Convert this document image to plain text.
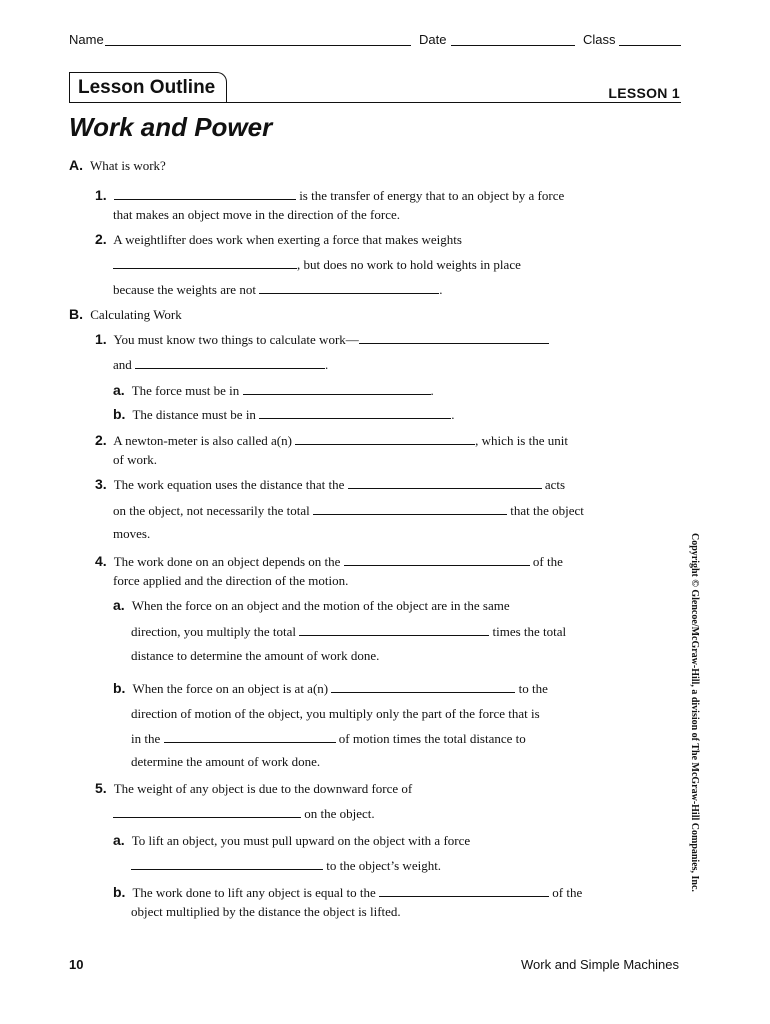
Name	Date	Class
Lesson Outline	LESSON 1
Work and Power
A. What is work?
1.	is the transfer of energy that to an object by a force
that makes an object move in the direction of the force.
2. A weightlifter does work when exerting a force that makes weights
, but does no work to hold weights in place
because the weights are not	.
B. Calculating Work
1. You must know two things to calculate work—
and	.
a. The force must be in	.
b. The distance must be in	.
2. A newton-meter is also called a(n)	, which is the unit
of work.
3. The work equation uses the distance that the	acts
on the object, not necessarily the total	that the object
moves.
4. The work done on an object depends on the	of the
force applied and the direction of the motion.
a. When the force on an object and the motion of the object are in the same
direction, you multiply the total	times the total
distance to determine the amount of work done.
b. When the force on an object is at a(n)	to the
direction of motion of the object, you multiply only the part of the force that is
in the	of motion times the total distance to
determine the amount of work done.
5. The weight of any object is due to the downward force of
on the object.
a. To lift an object, you must pull upward on the object with a force
to the object’s weight.
b. The work done to lift any object is equal to the	of the
object multiplied by the distance the object is lifted.
Copyright © Glencoe/McGraw-Hill, a division of The McGraw-Hill Companies, Inc.
10	Work and Simple Machines
